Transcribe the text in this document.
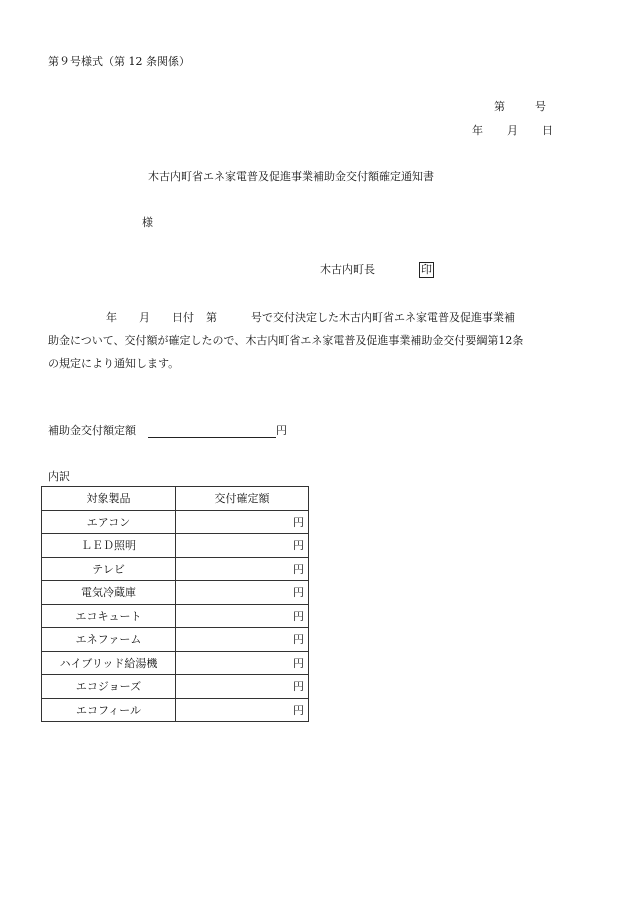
第９号様式（第 12 条関係）
第	号
年 月 日
木古内町省エネ家電普及促進事業補助金交付額確定通知書
様
木古内町長	印
年 月 日付 第	号で交付決定した木古内町省エネ家電普及促進事業補
助金について、交付額が確定したので、木古内町省エネ家電普及促進事業補助金交付要綱第12条
の規定により通知します。
補助金交付額定額	円
内訳
対象製品	交付確定額
エアコン	円
ＬＥＤ照明	円
テレビ	円
電気冷蔵庫	円
エコキュート	円
エネファーム	円
ハイブリッド給湯機	円
エコジョーズ	円
エコフィール	円
